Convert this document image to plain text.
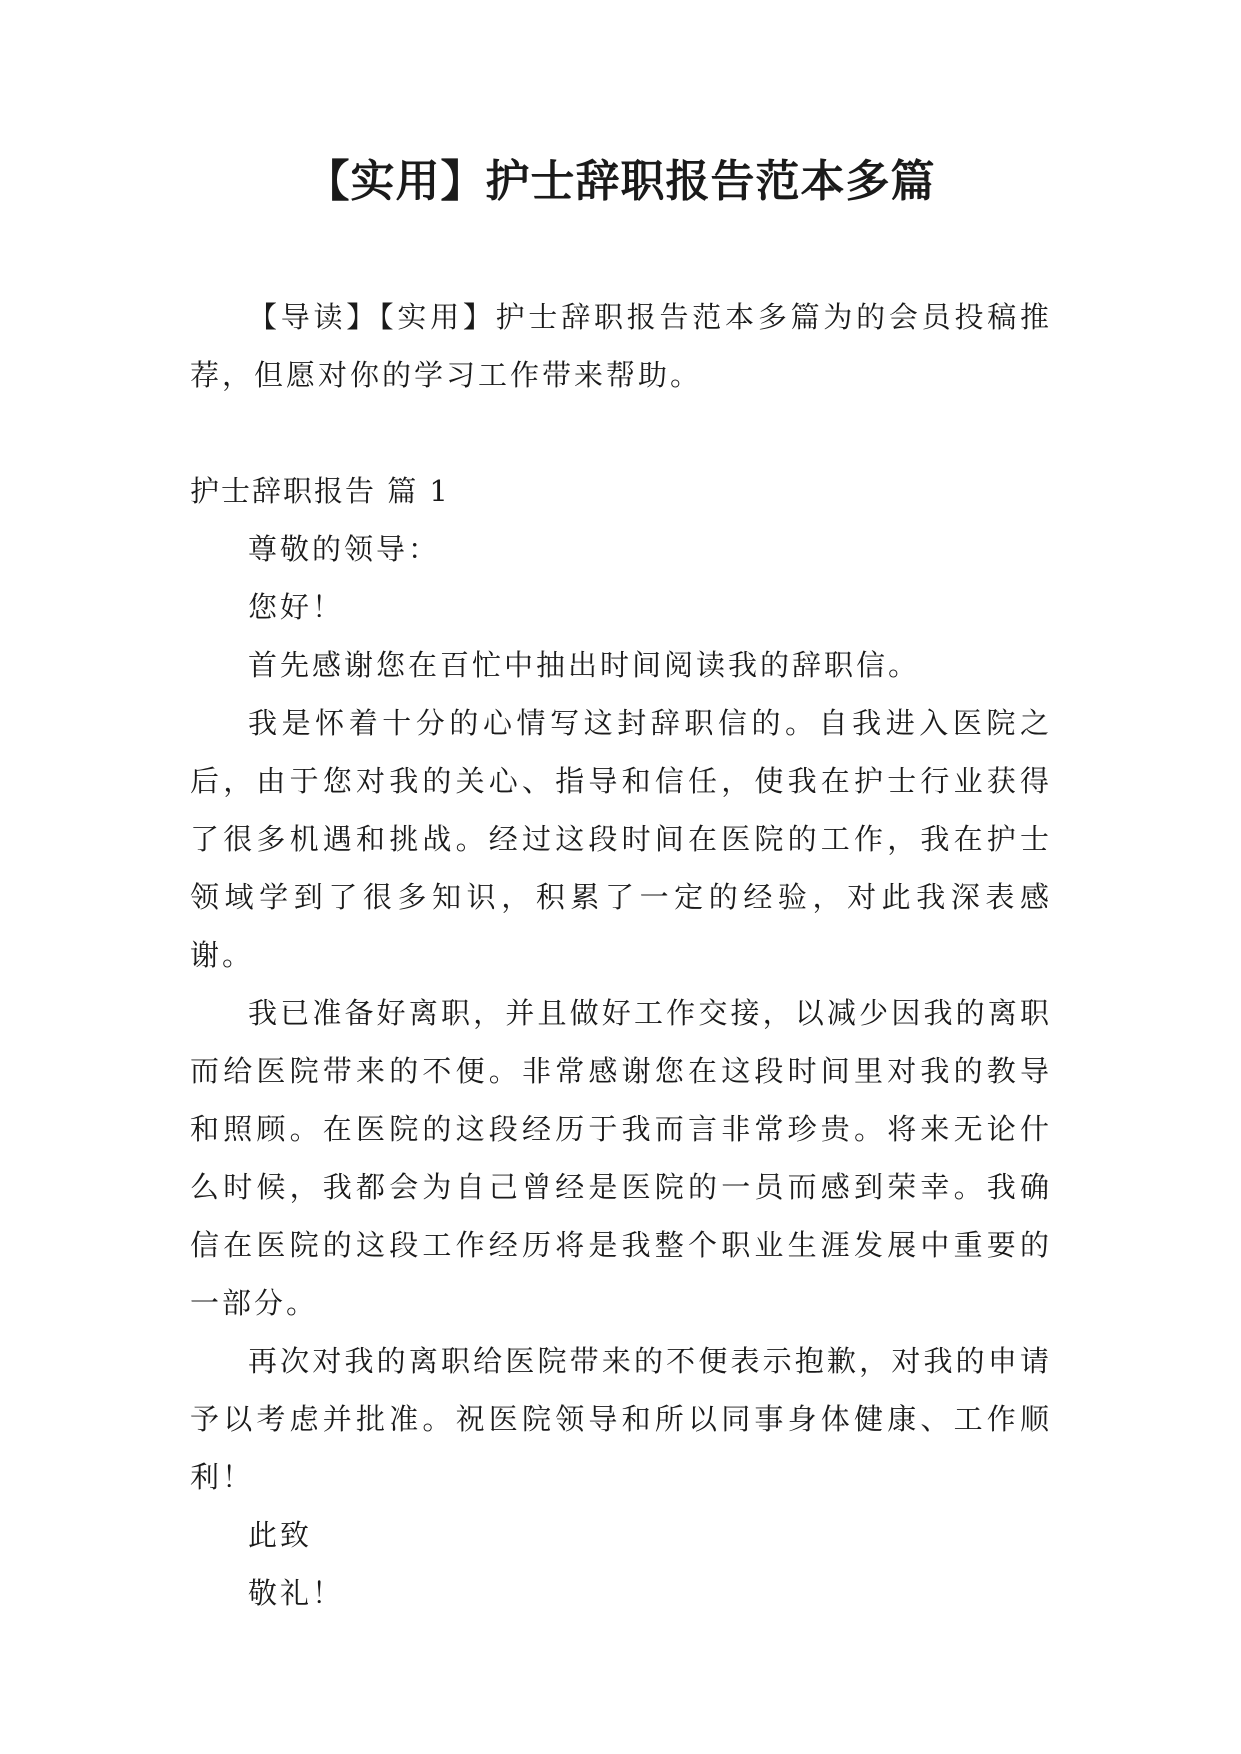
【实用】护士辞职报告范本多篇

【导读】【实用】护士辞职报告范本多篇为的会员投稿推荐，但愿对你的学习工作带来帮助。

护士辞职报告 篇 1

尊敬的领导：

您好！

首先感谢您在百忙中抽出时间阅读我的辞职信。

我是怀着十分的心情写这封辞职信的。自我进入医院之后，由于您对我的关心、指导和信任，使我在护士行业获得了很多机遇和挑战。经过这段时间在医院的工作，我在护士领域学到了很多知识，积累了一定的经验，对此我深表感谢。

我已准备好离职，并且做好工作交接，以减少因我的离职而给医院带来的不便。非常感谢您在这段时间里对我的教导和照顾。在医院的这段经历于我而言非常珍贵。将来无论什么时候，我都会为自己曾经是医院的一员而感到荣幸。我确信在医院的这段工作经历将是我整个职业生涯发展中重要的一部分。

再次对我的离职给医院带来的不便表示抱歉，对我的申请予以考虑并批准。祝医院领导和所以同事身体健康、工作顺利！

此致

敬礼！
